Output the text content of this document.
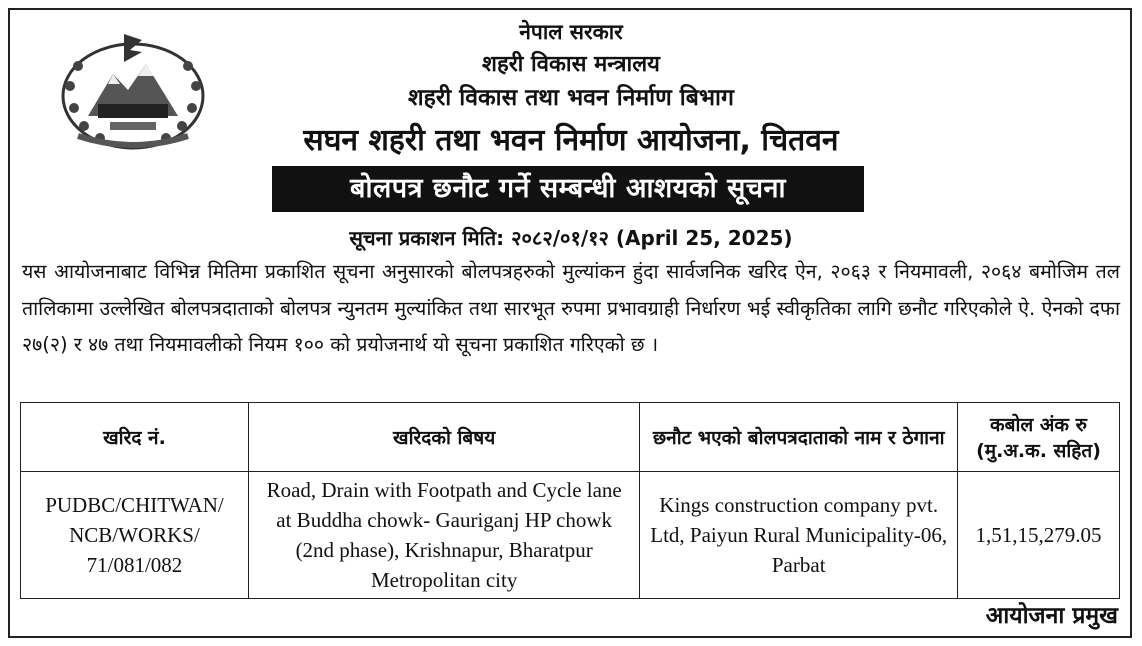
नेपाल सरकार
शहरी विकास मन्त्रालय
शहरी विकास तथा भवन निर्माण बिभाग
सघन शहरी तथा भवन निर्माण आयोजना, चितवन
बोलपत्र छनौट गर्ने सम्बन्धी आशयको सूचना
सूचना प्रकाशन मिति: २०८२/०१/१२ (April 25, 2025)

यस आयोजनाबाट विभिन्न मितिमा प्रकाशित सूचना अनुसारको बोलपत्रहरुको मुल्यांकन हुंदा सार्वजनिक खरिद ऐन, २०६३ र नियमावली, २०६४ बमोजिम तल तालिकामा उल्लेखित बोलपत्रदाताको बोलपत्र न्युनतम मुल्यांकित तथा सारभूत रुपमा प्रभावग्राही निर्धारण भई स्वीकृतिका लागि छनौट गरिएकोले ऐ. ऐनको दफा २७(२) र ४७ तथा नियमावलीको नियम १०० को प्रयोजनार्थ यो सूचना प्रकाशित गरिएको छ ।

खरिद नं.	खरिदको बिषय	छनौट भएको बोलपत्रदाताको नाम र ठेगाना	कबोल अंक रु (मु.अ.क. सहित)
PUDBC/CHITWAN/ NCB/WORKS/ 71/081/082	Road, Drain with Footpath and Cycle lane at Buddha chowk- Gauriganj HP chowk (2nd phase), Krishnapur, Bharatpur Metropolitan city	Kings construction company pvt. Ltd, Paiyun Rural Municipality-06, Parbat	1,51,15,279.05
आयोजना प्रमुख
